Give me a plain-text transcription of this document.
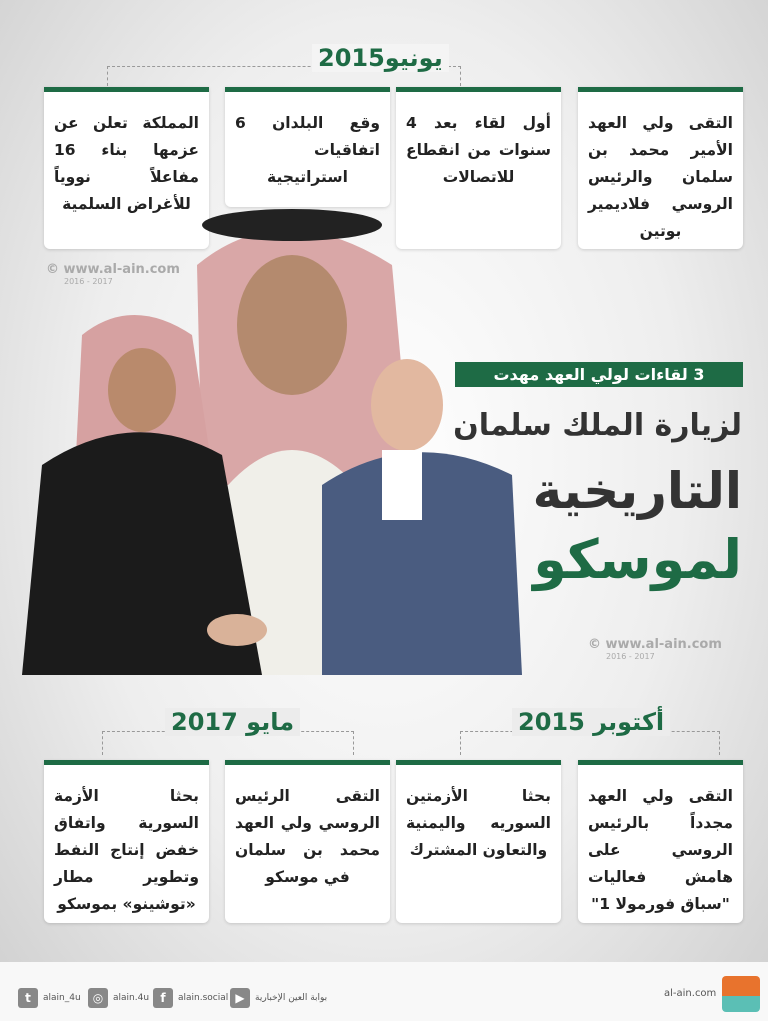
يونيو2015
التقى ولي العهد الأمير محمد بن سلمان والرئيس الروسي فلاديمير بوتين
أول لقاء بعد 4 سنوات من انقطاع للاتصالات
وقع البلدان 6 اتفاقيات استراتيجية
المملكة تعلن عن عزمها بناء 16 مفاعلاً نووياً للأغراض السلمية
© www.al-ain.com
2016 - 2017
© www.al-ain.com
2016 - 2017
3 لقاءات لولي العهد مهدت
لزيارة الملك سلمان
التاريخية
لموسكو
مايو 2017	أكتوبر 2015
التقى ولي العهد مجدداً بالرئيس الروسي على هامش فعاليات "سباق فورمولا 1"
بحثا الأزمتين السوريه واليمنية والتعاون المشترك
التقى الرئيس الروسي ولي العهد محمد بن سلمان في موسكو
بحثا الأزمة السورية واتفاق خفض إنتاج النفط وتطوير مطار «توشينو» بموسكو
t	alain_4u	◎	alain.4u f	alain.social ▶	بوابة العين الإخبارية	al-ain.com
